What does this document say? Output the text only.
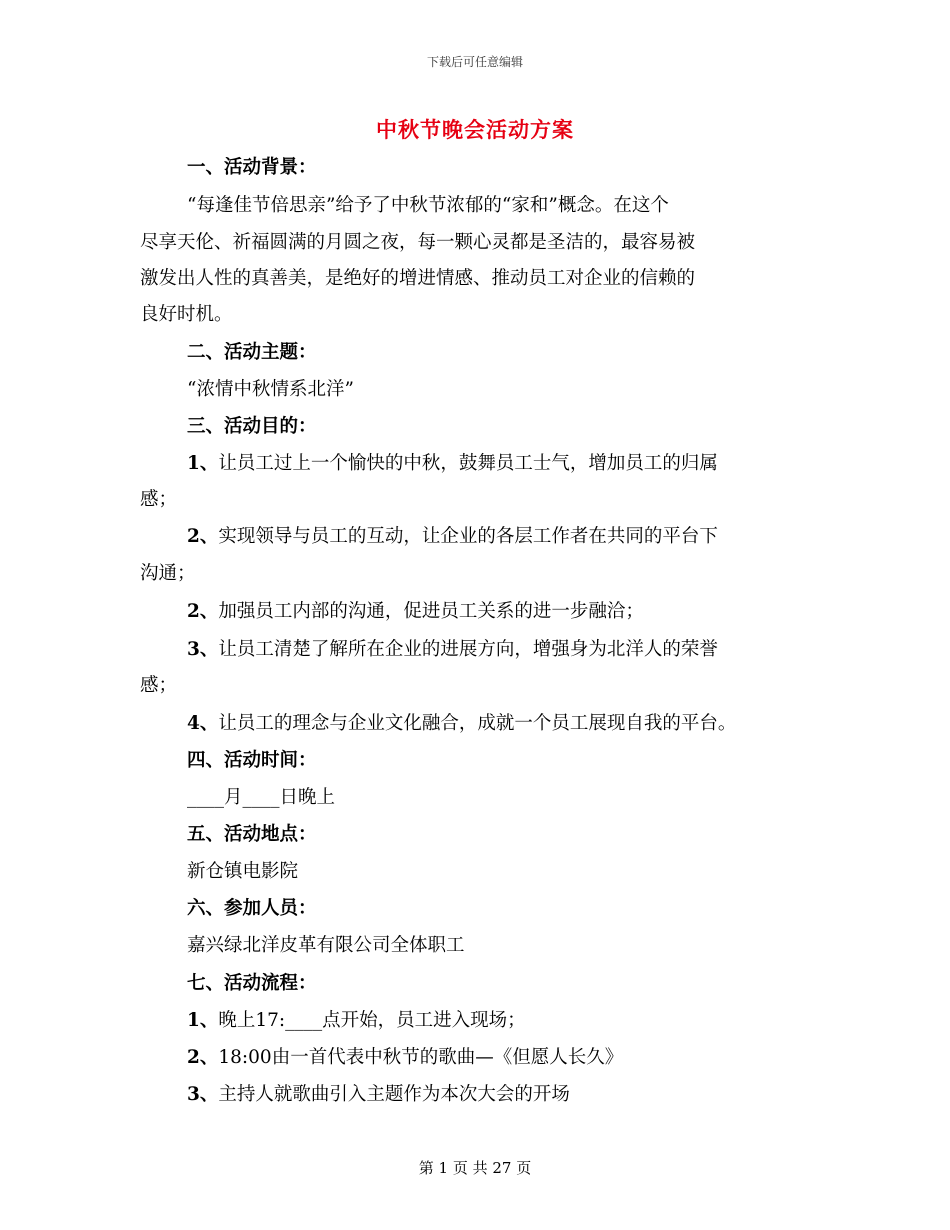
下载后可任意编辑
中秋节晚会活动方案
一、活动背景：
“每逢佳节倍思亲”给予了中秋节浓郁的“家和”概念。在这个
尽享天伦、祈福圆满的月圆之夜，每一颗心灵都是圣洁的，最容易被
激发出人性的真善美，是绝好的增进情感、推动员工对企业的信赖的
良好时机。
二、活动主题：
“浓情中秋情系北洋”
三、活动目的：
1、让员工过上一个愉快的中秋，鼓舞员工士气，增加员工的归属
感；
2、实现领导与员工的互动，让企业的各层工作者在共同的平台下
沟通；
2、加强员工内部的沟通，促进员工关系的进一步融洽；
3、让员工清楚了解所在企业的进展方向，增强身为北洋人的荣誉
感；
4、让员工的理念与企业文化融合，成就一个员工展现自我的平台。
四、活动时间：
____月____日晚上
五、活动地点：
新仓镇电影院
六、参加人员：
嘉兴绿北洋皮革有限公司全体职工
七、活动流程：
1、晚上17:____点开始，员工进入现场；
2、18:00由一首代表中秋节的歌曲—《但愿人长久》
3、主持人就歌曲引入主题作为本次大会的开场
第 1 页 共 27 页
